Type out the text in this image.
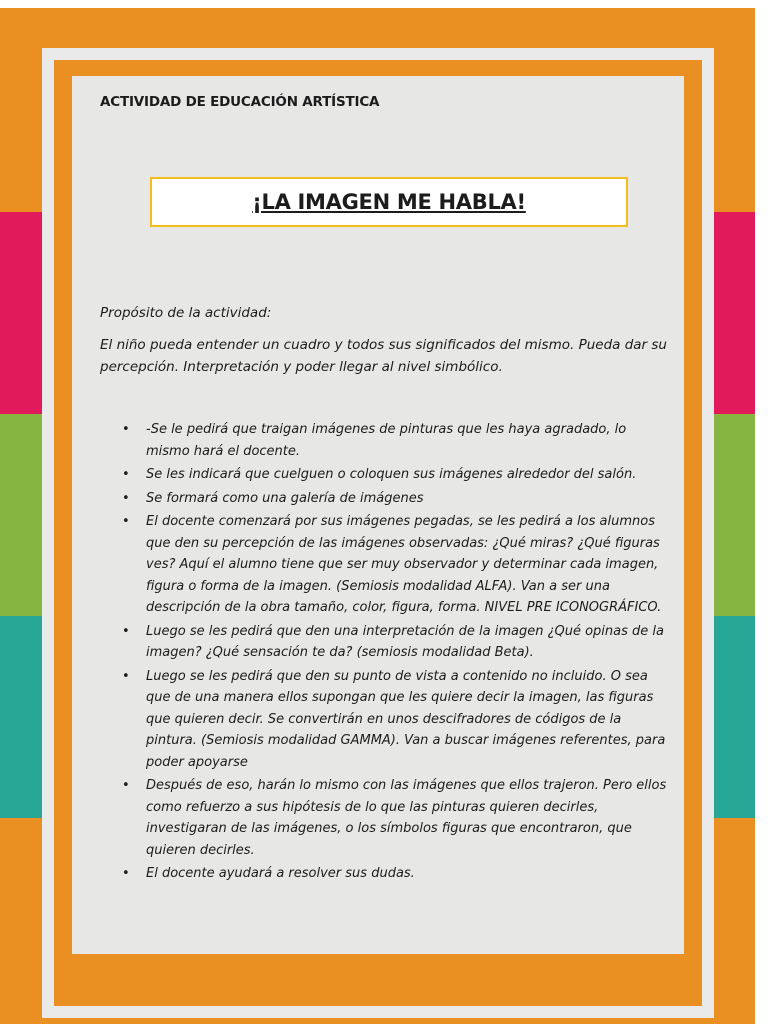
ACTIVIDAD DE EDUCACIÓN ARTÍSTICA
¡LA IMAGEN ME HABLA!
Propósito de la actividad:
El niño pueda entender un cuadro y todos sus significados del mismo. Pueda dar su percepción. Interpretación y poder llegar al nivel simbólico.
• -Se le pedirá que traigan imágenes de pinturas que les haya agradado, lo mismo hará el docente.
• Se les indicará que cuelguen o coloquen sus imágenes alrededor del salón.
• Se formará como una galería de imágenes
• El docente comenzará por sus imágenes pegadas, se les pedirá a los alumnos que den su percepción de las imágenes observadas: ¿Qué miras? ¿Qué figuras ves? Aquí el alumno tiene que ser muy observador y determinar cada imagen, figura o forma de la imagen. (Semiosis modalidad ALFA). Van a ser una descripción de la obra tamaño, color, figura, forma. NIVEL PRE ICONOGRÁFICO.
• Luego se les pedirá que den una interpretación de la imagen ¿Qué opinas de la imagen? ¿Qué sensación te da? (semiosis modalidad Beta).
• Luego se les pedirá que den su punto de vista a contenido no incluido. O sea que de una manera ellos supongan que les quiere decir la imagen, las figuras que quieren decir. Se convertirán en unos descifradores de códigos de la pintura. (Semiosis modalidad GAMMA). Van a buscar imágenes referentes, para poder apoyarse
• Después de eso, harán lo mismo con las imágenes que ellos trajeron. Pero ellos como refuerzo a sus hipótesis de lo que las pinturas quieren decirles, investigaran de las imágenes, o los símbolos figuras que encontraron, que quieren decirles.
• El docente ayudará a resolver sus dudas.
